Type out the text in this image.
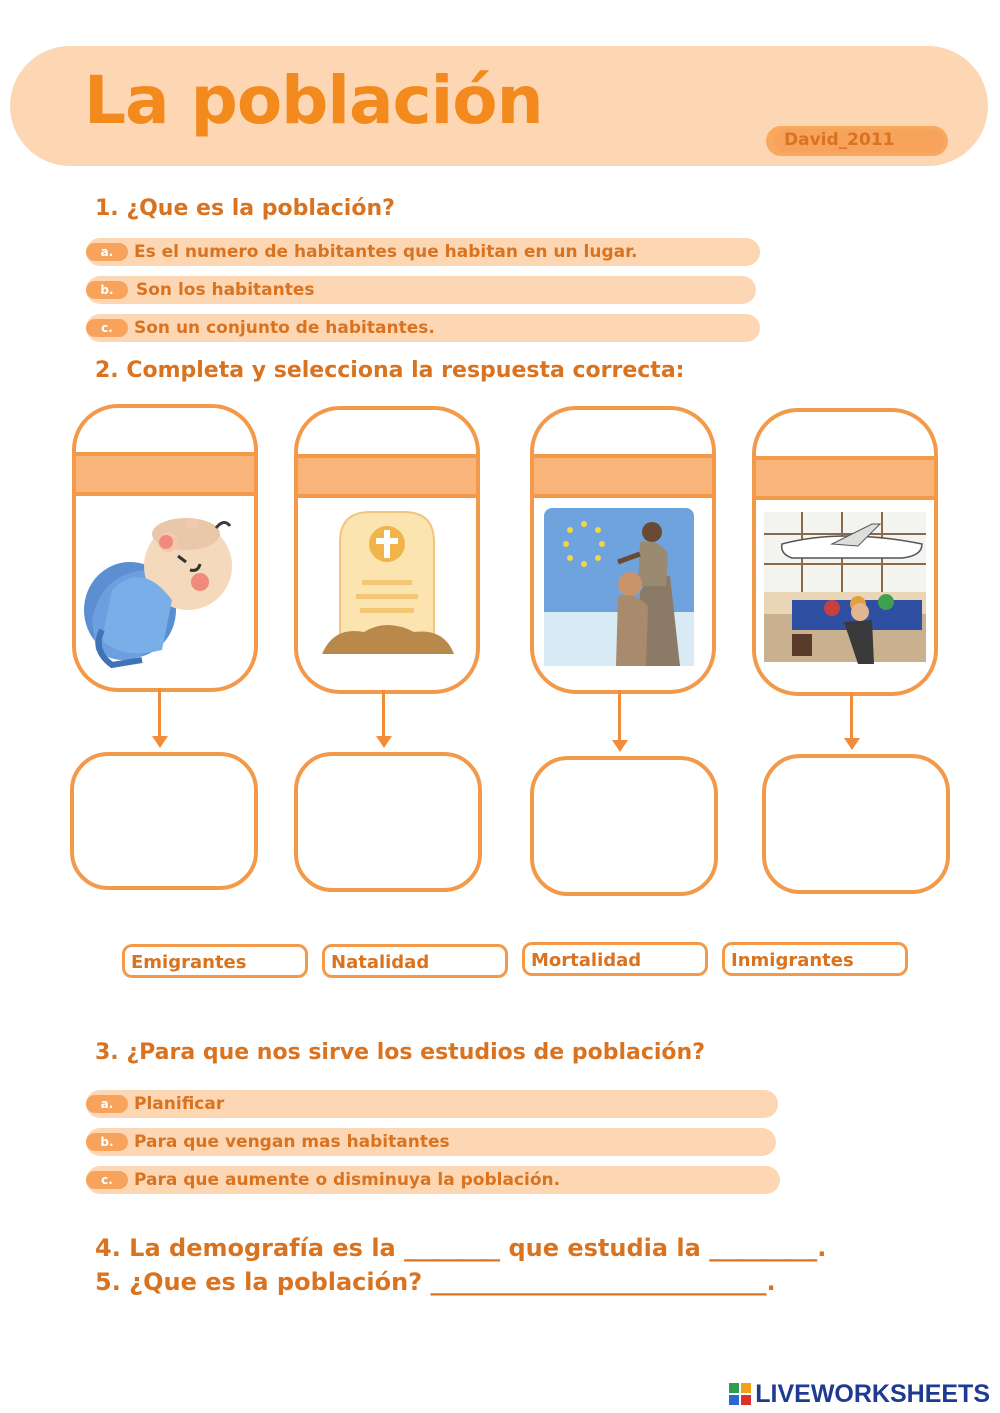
La población
David_2011
1. ¿Que es la población?
a.	Es el numero de habitantes que habitan en un lugar.
b.	Son los habitantes
c.	Son un conjunto de habitantes.
2. Completa y selecciona la respuesta correcta:
Emigrantes	Natalidad	Mortalidad	Inmigrantes
3. ¿Para que nos sirve los estudios de población?
a.	Planificar
b.	Para que vengan mas habitantes
c.	Para que aumente o disminuya la población.
4. La demografía es la ________ que estudia la _________.
5. ¿Que es la población? ____________________________.
LIVEWORKSHEETS
